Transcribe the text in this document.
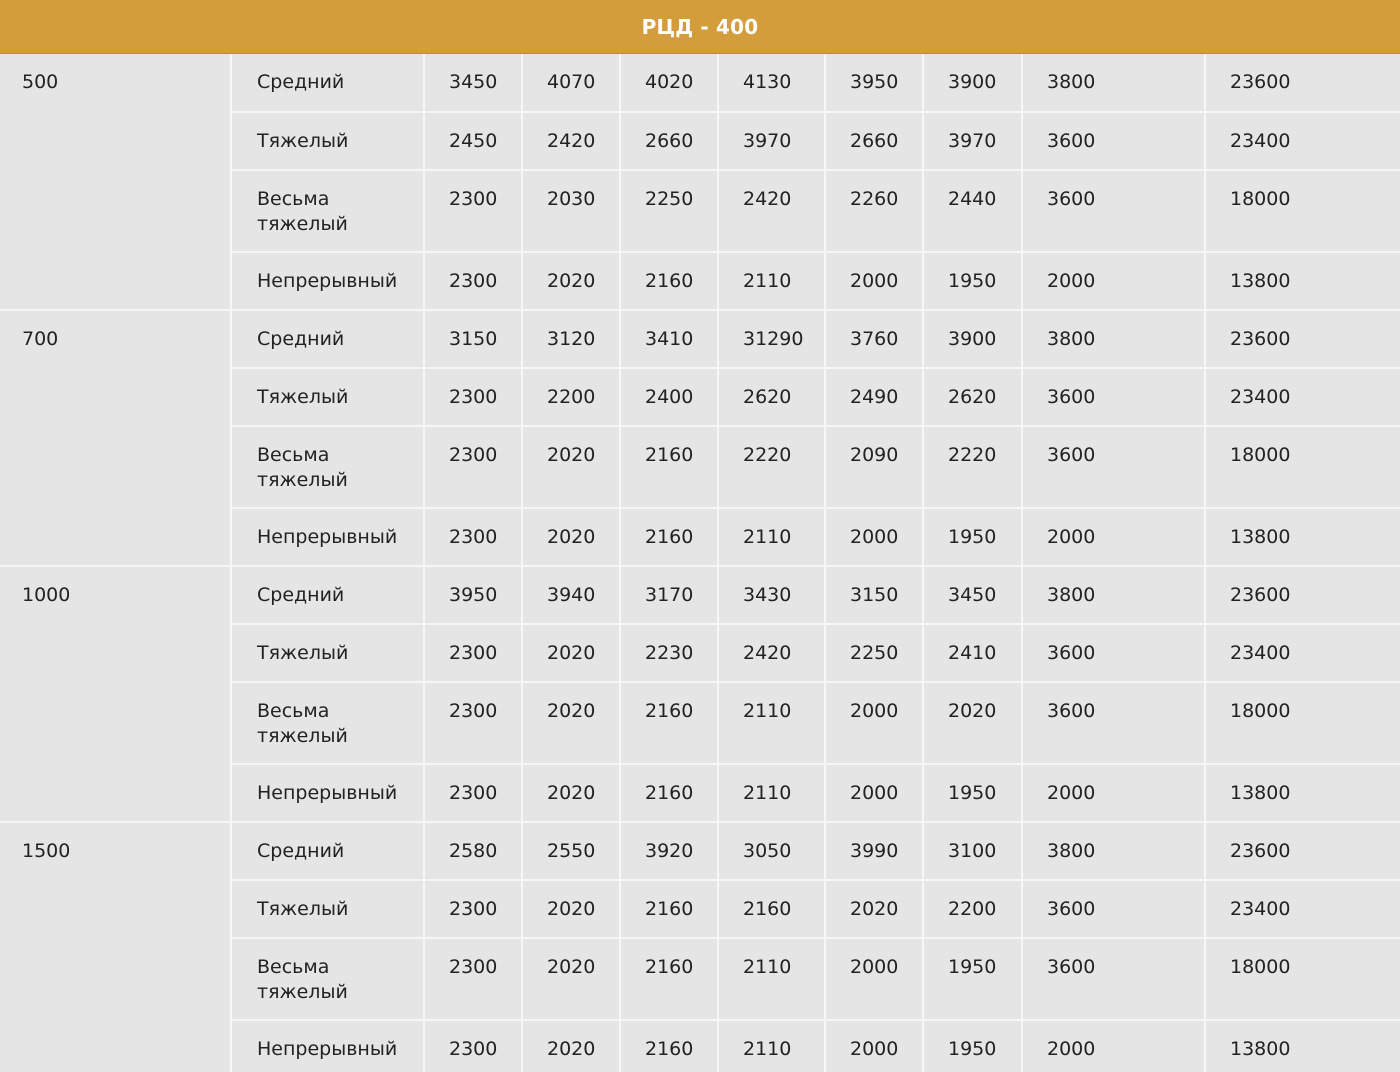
РЦД - 400
500	Средний	3450	4070	4020	4130	3950	3900	3800	23600
	Тяжелый	2450	2420	2660	3970	2660	3970	3600	23400
	Весьма тяжелый	2300	2030	2250	2420	2260	2440	3600	18000
	Непрерывный	2300	2020	2160	2110	2000	1950	2000	13800
700	Средний	3150	3120	3410	31290	3760	3900	3800	23600
	Тяжелый	2300	2200	2400	2620	2490	2620	3600	23400
	Весьма тяжелый	2300	2020	2160	2220	2090	2220	3600	18000
	Непрерывный	2300	2020	2160	2110	2000	1950	2000	13800
1000	Средний	3950	3940	3170	3430	3150	3450	3800	23600
	Тяжелый	2300	2020	2230	2420	2250	2410	3600	23400
	Весьма тяжелый	2300	2020	2160	2110	2000	2020	3600	18000
	Непрерывный	2300	2020	2160	2110	2000	1950	2000	13800
1500	Средний	2580	2550	3920	3050	3990	3100	3800	23600
	Тяжелый	2300	2020	2160	2160	2020	2200	3600	23400
	Весьма тяжелый	2300	2020	2160	2110	2000	1950	3600	18000
	Непрерывный	2300	2020	2160	2110	2000	1950	2000	13800
